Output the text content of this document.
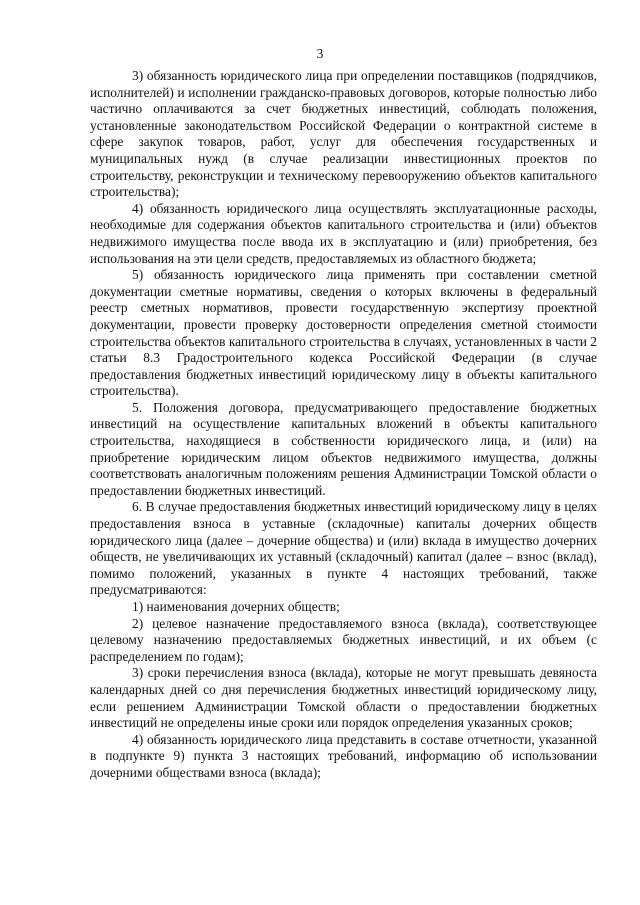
3

3) обязанность юридического лица при определении поставщиков (подрядчиков, исполнителей) и исполнении гражданско-правовых договоров, которые полностью либо частично оплачиваются за счет бюджетных инвестиций, соблюдать положения, установленные законодательством Российской Федерации о контрактной системе в сфере закупок товаров, работ, услуг для обеспечения государственных и муниципальных нужд (в случае реализации инвестиционных проектов по строительству, реконструкции и техническому перевооружению объектов капитального строительства);

4) обязанность юридического лица осуществлять эксплуатационные расходы, необходимые для содержания объектов капитального строительства и (или) объектов недвижимого имущества после ввода их в эксплуатацию и (или) приобретения, без использования на эти цели средств, предоставляемых из областного бюджета;

5) обязанность юридического лица применять при составлении сметной документации сметные нормативы, сведения о которых включены в федеральный реестр сметных нормативов, провести государственную экспертизу проектной документации, провести проверку достоверности определения сметной стоимости строительства объектов капитального строительства в случаях, установленных в части 2 статьи 8.3 Градостроительного кодекса Российской Федерации (в случае предоставления бюджетных инвестиций юридическому лицу в объекты капитального строительства).

5. Положения договора, предусматривающего предоставление бюджетных инвестиций на осуществление капитальных вложений в объекты капитального строительства, находящиеся в собственности юридического лица, и (или) на приобретение юридическим лицом объектов недвижимого имущества, должны соответствовать аналогичным положениям решения Администрации Томской области о предоставлении бюджетных инвестиций.

6. В случае предоставления бюджетных инвестиций юридическому лицу в целях предоставления взноса в уставные (складочные) капиталы дочерних обществ юридического лица (далее – дочерние общества) и (или) вклада в имущество дочерних обществ, не увеличивающих их уставный (складочный) капитал (далее – взнос (вклад), помимо положений, указанных в пункте 4 настоящих требований, также предусматриваются:

1) наименования дочерних обществ;

2) целевое назначение предоставляемого взноса (вклада), соответствующее целевому назначению предоставляемых бюджетных инвестиций, и их объем (с распределением по годам);

3) сроки перечисления взноса (вклада), которые не могут превышать девяноста календарных дней со дня перечисления бюджетных инвестиций юридическому лицу, если решением Администрации Томской области о предоставлении бюджетных инвестиций не определены иные сроки или порядок определения указанных сроков;

4) обязанность юридического лица представить в составе отчетности, указанной в подпункте 9) пункта 3 настоящих требований, информацию об использовании дочерними обществами взноса (вклада);
